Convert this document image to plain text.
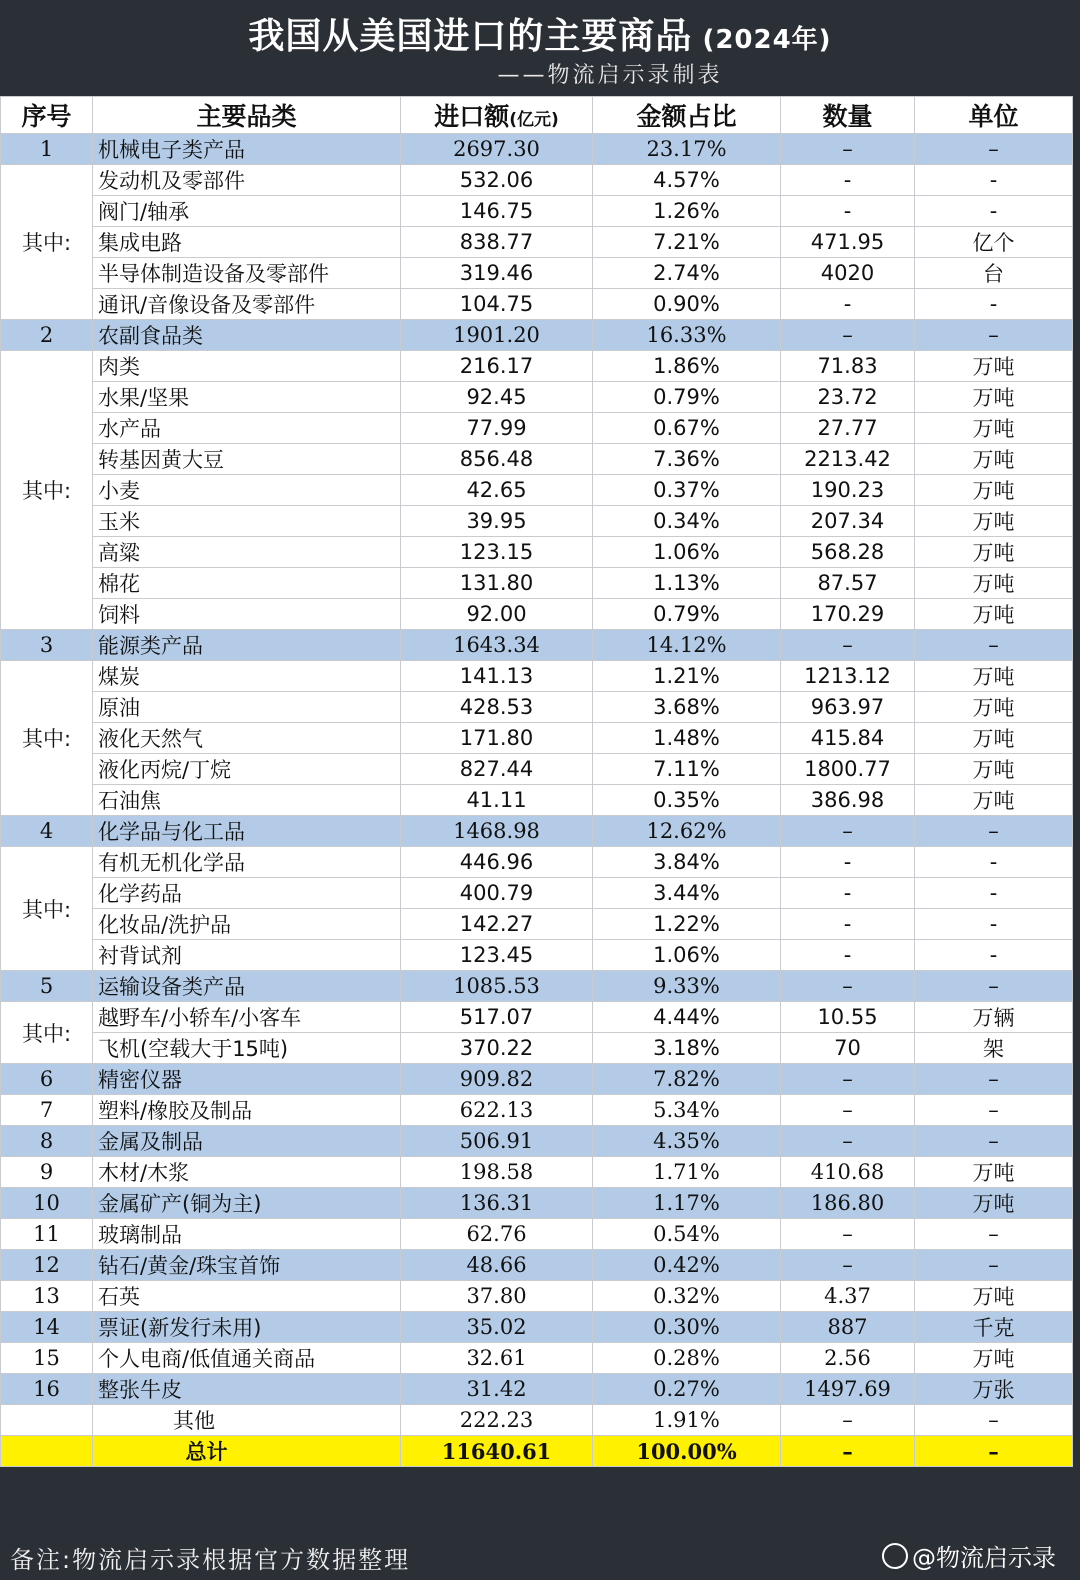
我国从美国进口的主要商品 (2024年)
——物流启示录制表
序号	主要品类	进口额(亿元)	金额占比	数量	单位
1	机械电子类产品	2697.30	23.17%	–	–
其中:	发动机及零部件	532.06	4.57%	-	-
	阀门/轴承	146.75	1.26%	-	-
	集成电路	838.77	7.21%	471.95	亿个
	半导体制造设备及零部件	319.46	2.74%	4020	台
	通讯/音像设备及零部件	104.75	0.90%	-	-
2	农副食品类	1901.20	16.33%	–	–
其中:	肉类	216.17	1.86%	71.83	万吨
	水果/坚果	92.45	0.79%	23.72	万吨
	水产品	77.99	0.67%	27.77	万吨
	转基因黄大豆	856.48	7.36%	2213.42	万吨
	小麦	42.65	0.37%	190.23	万吨
	玉米	39.95	0.34%	207.34	万吨
	高粱	123.15	1.06%	568.28	万吨
	棉花	131.80	1.13%	87.57	万吨
	饲料	92.00	0.79%	170.29	万吨
3	能源类产品	1643.34	14.12%	–	–
其中:	煤炭	141.13	1.21%	1213.12	万吨
	原油	428.53	3.68%	963.97	万吨
	液化天然气	171.80	1.48%	415.84	万吨
	液化丙烷/丁烷	827.44	7.11%	1800.77	万吨
	石油焦	41.11	0.35%	386.98	万吨
4	化学品与化工品	1468.98	12.62%	–	–
其中:	有机无机化学品	446.96	3.84%	-	-
	化学药品	400.79	3.44%	-	-
	化妆品/洗护品	142.27	1.22%	-	-
	衬背试剂	123.45	1.06%	-	-
5	运输设备类产品	1085.53	9.33%	–	–
其中:	越野车/小轿车/小客车	517.07	4.44%	10.55	万辆
	飞机(空载大于15吨)	370.22	3.18%	70	架
6	精密仪器	909.82	7.82%	–	–
7	塑料/橡胶及制品	622.13	5.34%	–	–
8	金属及制品	506.91	4.35%	–	–
9	木材/木浆	198.58	1.71%	410.68	万吨
10	金属矿产(铜为主)	136.31	1.17%	186.80	万吨
11	玻璃制品	62.76	0.54%	–	–
12	钻石/黄金/珠宝首饰	48.66	0.42%	–	–
13	石英	37.80	0.32%	4.37	万吨
14	票证(新发行未用)	35.02	0.30%	887	千克
15	个人电商/低值通关商品	32.61	0.28%	2.56	万吨
16	整张牛皮	31.42	0.27%	1497.69	万张
	其他	222.23	1.91%	–	–
	总计	11640.61	100.00%	–	–
备注:物流启示录根据官方数据整理	@物流启示录
